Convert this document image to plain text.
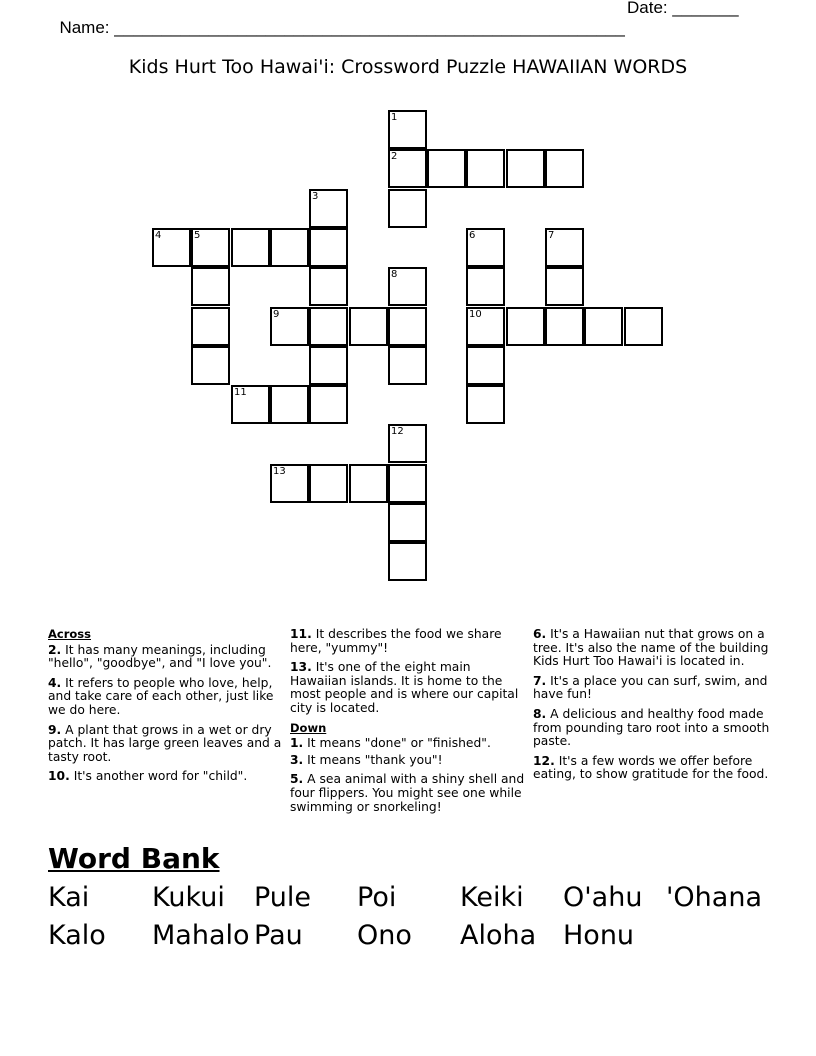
Name: ______________________________________________________

Date: _______

Kids Hurt Too Hawai'i: Crossword Puzzle HAWAIIAN WORDS
1
2
3
4	5	6
10
7
8
9
11
12
13
Across
2. It has many meanings, including "hello", "goodbye", and "I love you".
4. It refers to people who love, help, and take care of each other, just like we do here.
9. A plant that grows in a wet or dry patch. It has large green leaves and a tasty root.
10. It's another word for "child".
11. It describes the food we share here, "yummy"!
13. It's one of the eight main Hawaiian islands. It is home to the most people and is where our capital city is located.
Down
1. It means "done" or "finished".
3. It means "thank you"!
5. A sea animal with a shiny shell and four flippers. You might see one while swimming or snorkeling!
6. It's a Hawaiian nut that grows on a tree. It's also the name of the building Kids Hurt Too Hawai'i is located in.
7. It's a place you can surf, swim, and have fun!
8. A delicious and healthy food made from pounding taro root into a smooth paste.
12. It's a few words we offer before eating, to show gratitude for the food.
Word Bank
Kai Kukui Pule Poi Keiki O'ahu 'Ohana
Kalo Mahalo Pau Ono Aloha Honu
